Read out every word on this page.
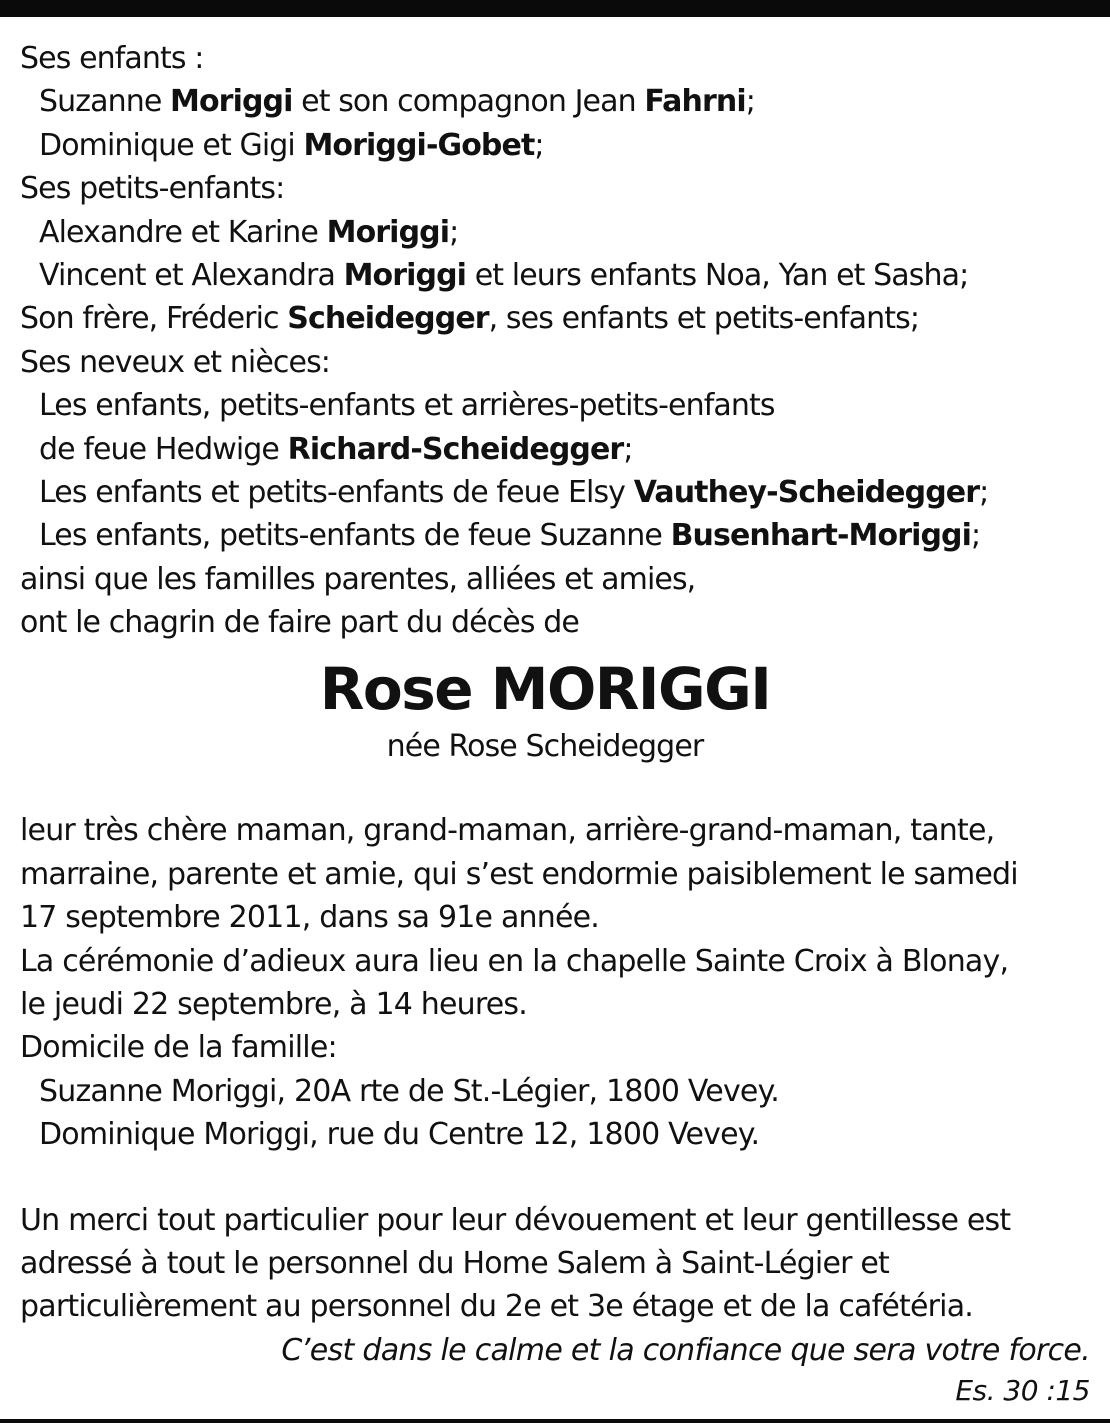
Ses enfants :
Suzanne Moriggi et son compagnon Jean Fahrni;
Dominique et Gigi Moriggi-Gobet;
Ses petits-enfants:
Alexandre et Karine Moriggi;
Vincent et Alexandra Moriggi et leurs enfants Noa, Yan et Sasha;
Son frère, Fréderic Scheidegger, ses enfants et petits-enfants;
Ses neveux et nièces:
Les enfants, petits-enfants et arrières-petits-enfants
de feue Hedwige Richard-Scheidegger;
Les enfants et petits-enfants de feue Elsy Vauthey-Scheidegger;
Les enfants, petits-enfants de feue Suzanne Busenhart-Moriggi;
ainsi que les familles parentes, alliées et amies,
ont le chagrin de faire part du décès de
Rose MORIGGI
née Rose Scheidegger
leur très chère maman, grand-maman, arrière-grand-maman, tante,
marraine, parente et amie, qui s’est endormie paisiblement le samedi
17 septembre 2011, dans sa 91e année.
La cérémonie d’adieux aura lieu en la chapelle Sainte Croix à Blonay,
le jeudi 22 septembre, à 14 heures.
Domicile de la famille:
Suzanne Moriggi, 20A rte de St.-Légier, 1800 Vevey.
Dominique Moriggi, rue du Centre 12, 1800 Vevey.
Un merci tout particulier pour leur dévouement et leur gentillesse est
adressé à tout le personnel du Home Salem à Saint-Légier et
particulièrement au personnel du 2e et 3e étage et de la cafétéria.
C’est dans le calme et la confiance que sera votre force.
Es. 30 :15
